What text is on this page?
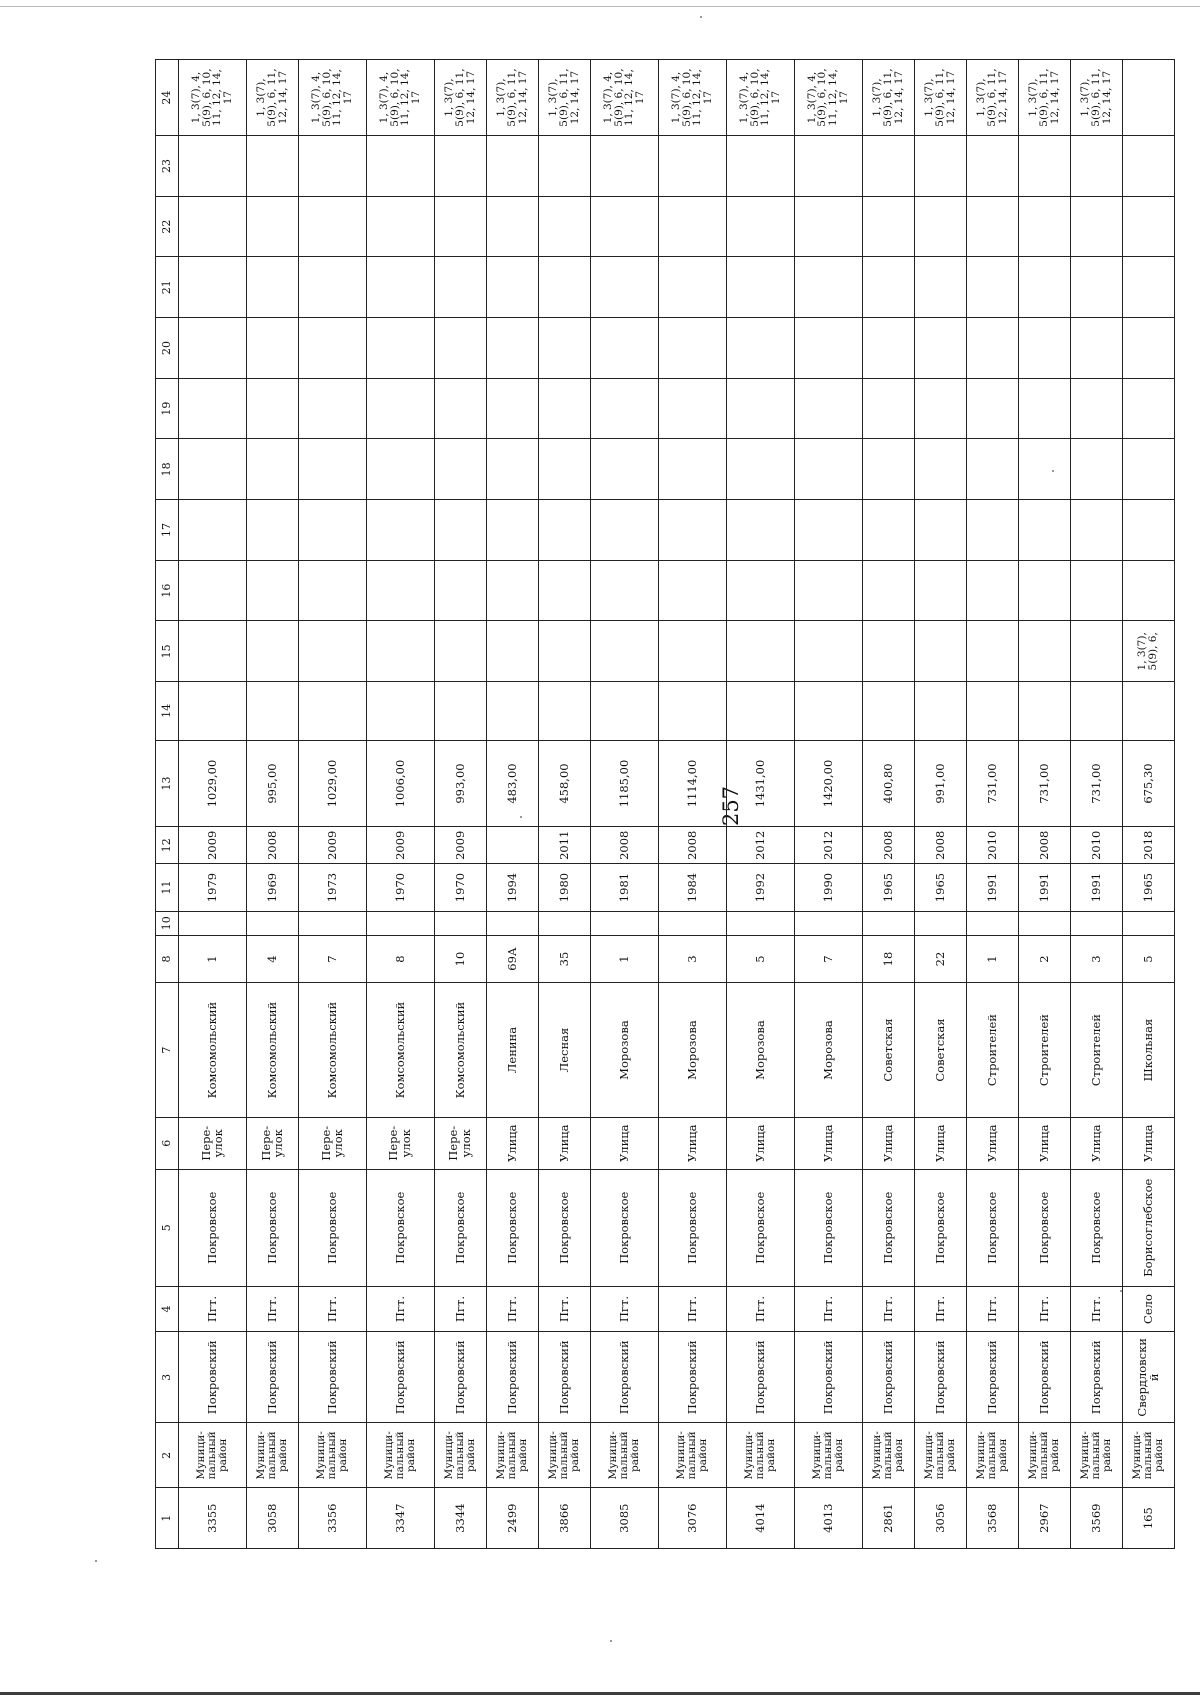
257
1	2	3	4	5	6	7	8	10	11	12	13	14	15	16	17	18	19	20	21	22	23	24
3355	Муници-
пальный
район	Покровский	Пгт.	Покровское	Пере-
улок	Комсомольский	1		1979	2009	1029,00											1, 3(7), 4,
5(9), 6, 10,
11, 12, 14,
17
3058	Муници-
пальный
район	Покровский	Пгт.	Покровское	Пере-
улок	Комсомольский	4		1969	2008	995,00											1, 3(7),
5(9), 6, 11,
12, 14, 17
3356	Муници-
пальный
район	Покровский	Пгт.	Покровское	Пере-
улок	Комсомольский	7		1973	2009	1029,00											1, 3(7), 4,
5(9), 6, 10,
11, 12, 14,
17
3347	Муници-
пальный
район	Покровский	Пгт.	Покровское	Пере-
улок	Комсомольский	8		1970	2009	1006,00											1, 3(7), 4,
5(9), 6, 10,
11, 12, 14,
17
3344	Муници-
пальный
район	Покровский	Пгт.	Покровское	Пере-
улок	Комсомольский	10		1970	2009	993,00											1, 3(7),
5(9), 6, 11,
12, 14, 17
2499	Муници-
пальный
район	Покровский	Пгт.	Покровское	Улица	Ленина	69А		1994		483,00											1, 3(7),
5(9), 6, 11,
12, 14, 17
3866	Муници-
пальный
район	Покровский	Пгт.	Покровское	Улица	Лесная	35		1980	2011	458,00											1, 3(7),
5(9), 6, 11,
12, 14, 17
3085	Муници-
пальный
район	Покровский	Пгт.	Покровское	Улица	Морозова	1		1981	2008	1185,00											1, 3(7), 4,
5(9), 6, 10,
11, 12, 14,
17
3076	Муници-
пальный
район	Покровский	Пгт.	Покровское	Улица	Морозова	3		1984	2008	1114,00											1, 3(7), 4,
5(9), 6, 10,
11, 12, 14,
17
4014	Муници-
пальный
район	Покровский	Пгт.	Покровское	Улица	Морозова	5		1992	2012	1431,00											1, 3(7), 4,
5(9), 6, 10,
11, 12, 14,
17
4013	Муници-
пальный
район	Покровский	Пгт.	Покровское	Улица	Морозова	7		1990	2012	1420,00											1, 3(7), 4,
5(9), 6, 10,
11, 12, 14,
17
2861	Муници-
пальный
район	Покровский	Пгт.	Покровское	Улица	Советская	18		1965	2008	400,80											1, 3(7),
5(9), 6, 11,
12, 14, 17
3056	Муници-
пальный
район	Покровский	Пгт.	Покровское	Улица	Советская	22		1965	2008	991,00											1, 3(7),
5(9), 6, 11,
12, 14, 17
3568	Муници-
пальный
район	Покровский	Пгт.	Покровское	Улица	Строителей	1		1991	2010	731,00											1, 3(7),
5(9), 6, 11,
12, 14, 17
2967	Муници-
пальный
район	Покровский	Пгт.	Покровское	Улица	Строителей	2		1991	2008	731,00											1, 3(7),
5(9), 6, 11,
12, 14, 17
3569	Муници-
пальный
район	Покровский	Пгт.	Покровское	Улица	Строителей	3		1991	2010	731,00											1, 3(7),
5(9), 6, 11,
12, 14, 17
165	Муници-
пальный
район	Свердловский	Село	Борисоглебское	Улица	Школьная	5		1965	2018	675,30		1, 3(7),
5(9), 6,									
